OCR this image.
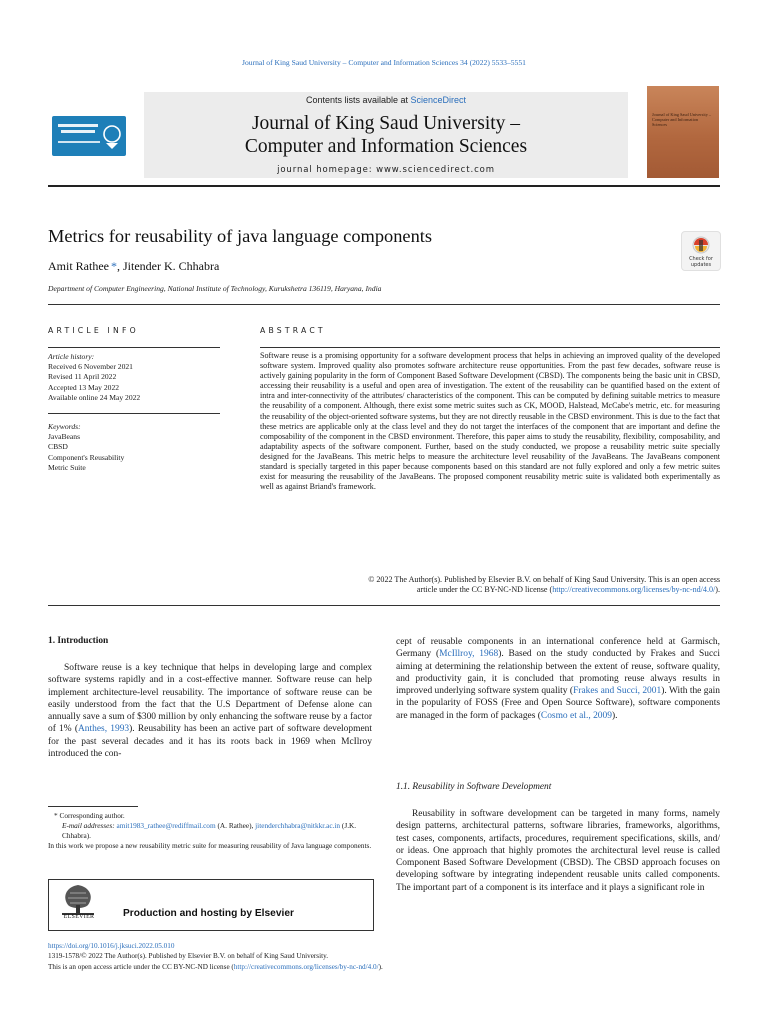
Journal of King Saud University – Computer and Information Sciences 34 (2022) 5533–5551
Contents lists available at ScienceDirect
Journal of King Saud University –
Computer and Information Sciences
journal homepage: www.sciencedirect.com
Journal of King Saud University – Computer and Information Sciences
Metrics for reusability of java language components
Check for
updates
Amit Rathee *, Jitender K. Chhabra
Department of Computer Engineering, National Institute of Technology, Kurukshetra 136119, Haryana, India
ARTICLE INFO
Article history:
Received 6 November 2021
Revised 11 April 2022
Accepted 13 May 2022
Available online 24 May 2022
Keywords:
JavaBeans
CBSD
Component's Reusability
Metric Suite
ABSTRACT
Software reuse is a promising opportunity for a software development process that helps in achieving an improved quality of the developed software system. Improved quality also promotes software architecture reuse opportunities. From the past few decades, software reuse is actively gaining popularity in the form of Component Based Software Development (CBSD). The components being the basic unit in CBSD, accessing their reusability is a useful and open area of investigation. The extent of the reusability can be quantified based on the extent of intra and inter-connectivity of the attributes/ characteristics of the component. This can be computed by defining suitable metrics to measure the reusability of a component. Although, there exist some metric suites such as CK, MOOD, Halstead, McCabe's metric, etc. for measuring the reusability of the object-oriented software systems, but they are not directly reusable in the CBSD environment. This is due to the fact that these metrics are applicable only at the class level and they do not target the interfaces of the component that are important and define the composability of the component in the CBSD environment. Therefore, this paper aims to study the reusability, flexibility, composability, and adaptability aspects of the software component. Further, based on the study conducted, we propose a reusability metric suite specially designed for the JavaBeans. This metric helps to measure the architecture level reusability of the JavaBeans. The JavaBeans component standard is specially targeted in this paper because components based on this standard are not fully explored and only a few metric suites exist for measuring the reusability of the JavaBeans. The proposed component reusability metric suite is validated both experimentally as well as against Briand's framework.
© 2022 The Author(s). Published by Elsevier B.V. on behalf of King Saud University. This is an open access
article under the CC BY-NC-ND license (http://creativecommons.org/licenses/by-nc-nd/4.0/).
1. Introduction
Software reuse is a key technique that helps in developing large and complex software systems rapidly and in a cost-effective manner. Software reuse can help implement architecture-level reusability. The importance of software reuse can be easily understood from the fact that the U.S Department of Defense alone can annually save a sum of $300 million by only enhancing the software reuse by a factor of 1% (Anthes, 1993). Reusability has been an active part of software development for the past several decades and it has its roots back in 1969 when McIlroy introduced the con-
cept of reusable components in an international conference held at Garmisch, Germany (McIllroy, 1968). Based on the study conducted by Frakes and Succi aiming at determining the relationship between the extent of reuse, software quality, and productivity gain, it is concluded that promoting reuse always results in improved underlying software system quality (Frakes and Succi, 2001). With the gain in the popularity of FOSS (Free and Open Source Software), software components are managed in the form of packages (Cosmo et al., 2009).
1.1. Reusability in Software Development
Reusability in software development can be targeted in many forms, namely design patterns, architectural patterns, software libraries, frameworks, algorithms, test cases, components, artifacts, procedures, requirement specifications, skills, and/ or ideas. One approach that highly promotes the architectural level reuse is called Component Based Software Development (CBSD). The CBSD approach focuses on developing software by integrating independent reusable units called components. The important part of a component is its interface and it plays a significant role in
* Corresponding author.
E-mail addresses: amit1983_rathee@rediffmail.com (A. Rathee), jitenderchhabra@nitkkr.ac.in (J.K. Chhabra).
In this work we propose a new reusability metric suite for measuring reusability of Java language components.
ELSEVIER	Production and hosting by Elsevier
https://doi.org/10.1016/j.jksuci.2022.05.010
1319-1578/© 2022 The Author(s). Published by Elsevier B.V. on behalf of King Saud University.
This is an open access article under the CC BY-NC-ND license (http://creativecommons.org/licenses/by-nc-nd/4.0/).
